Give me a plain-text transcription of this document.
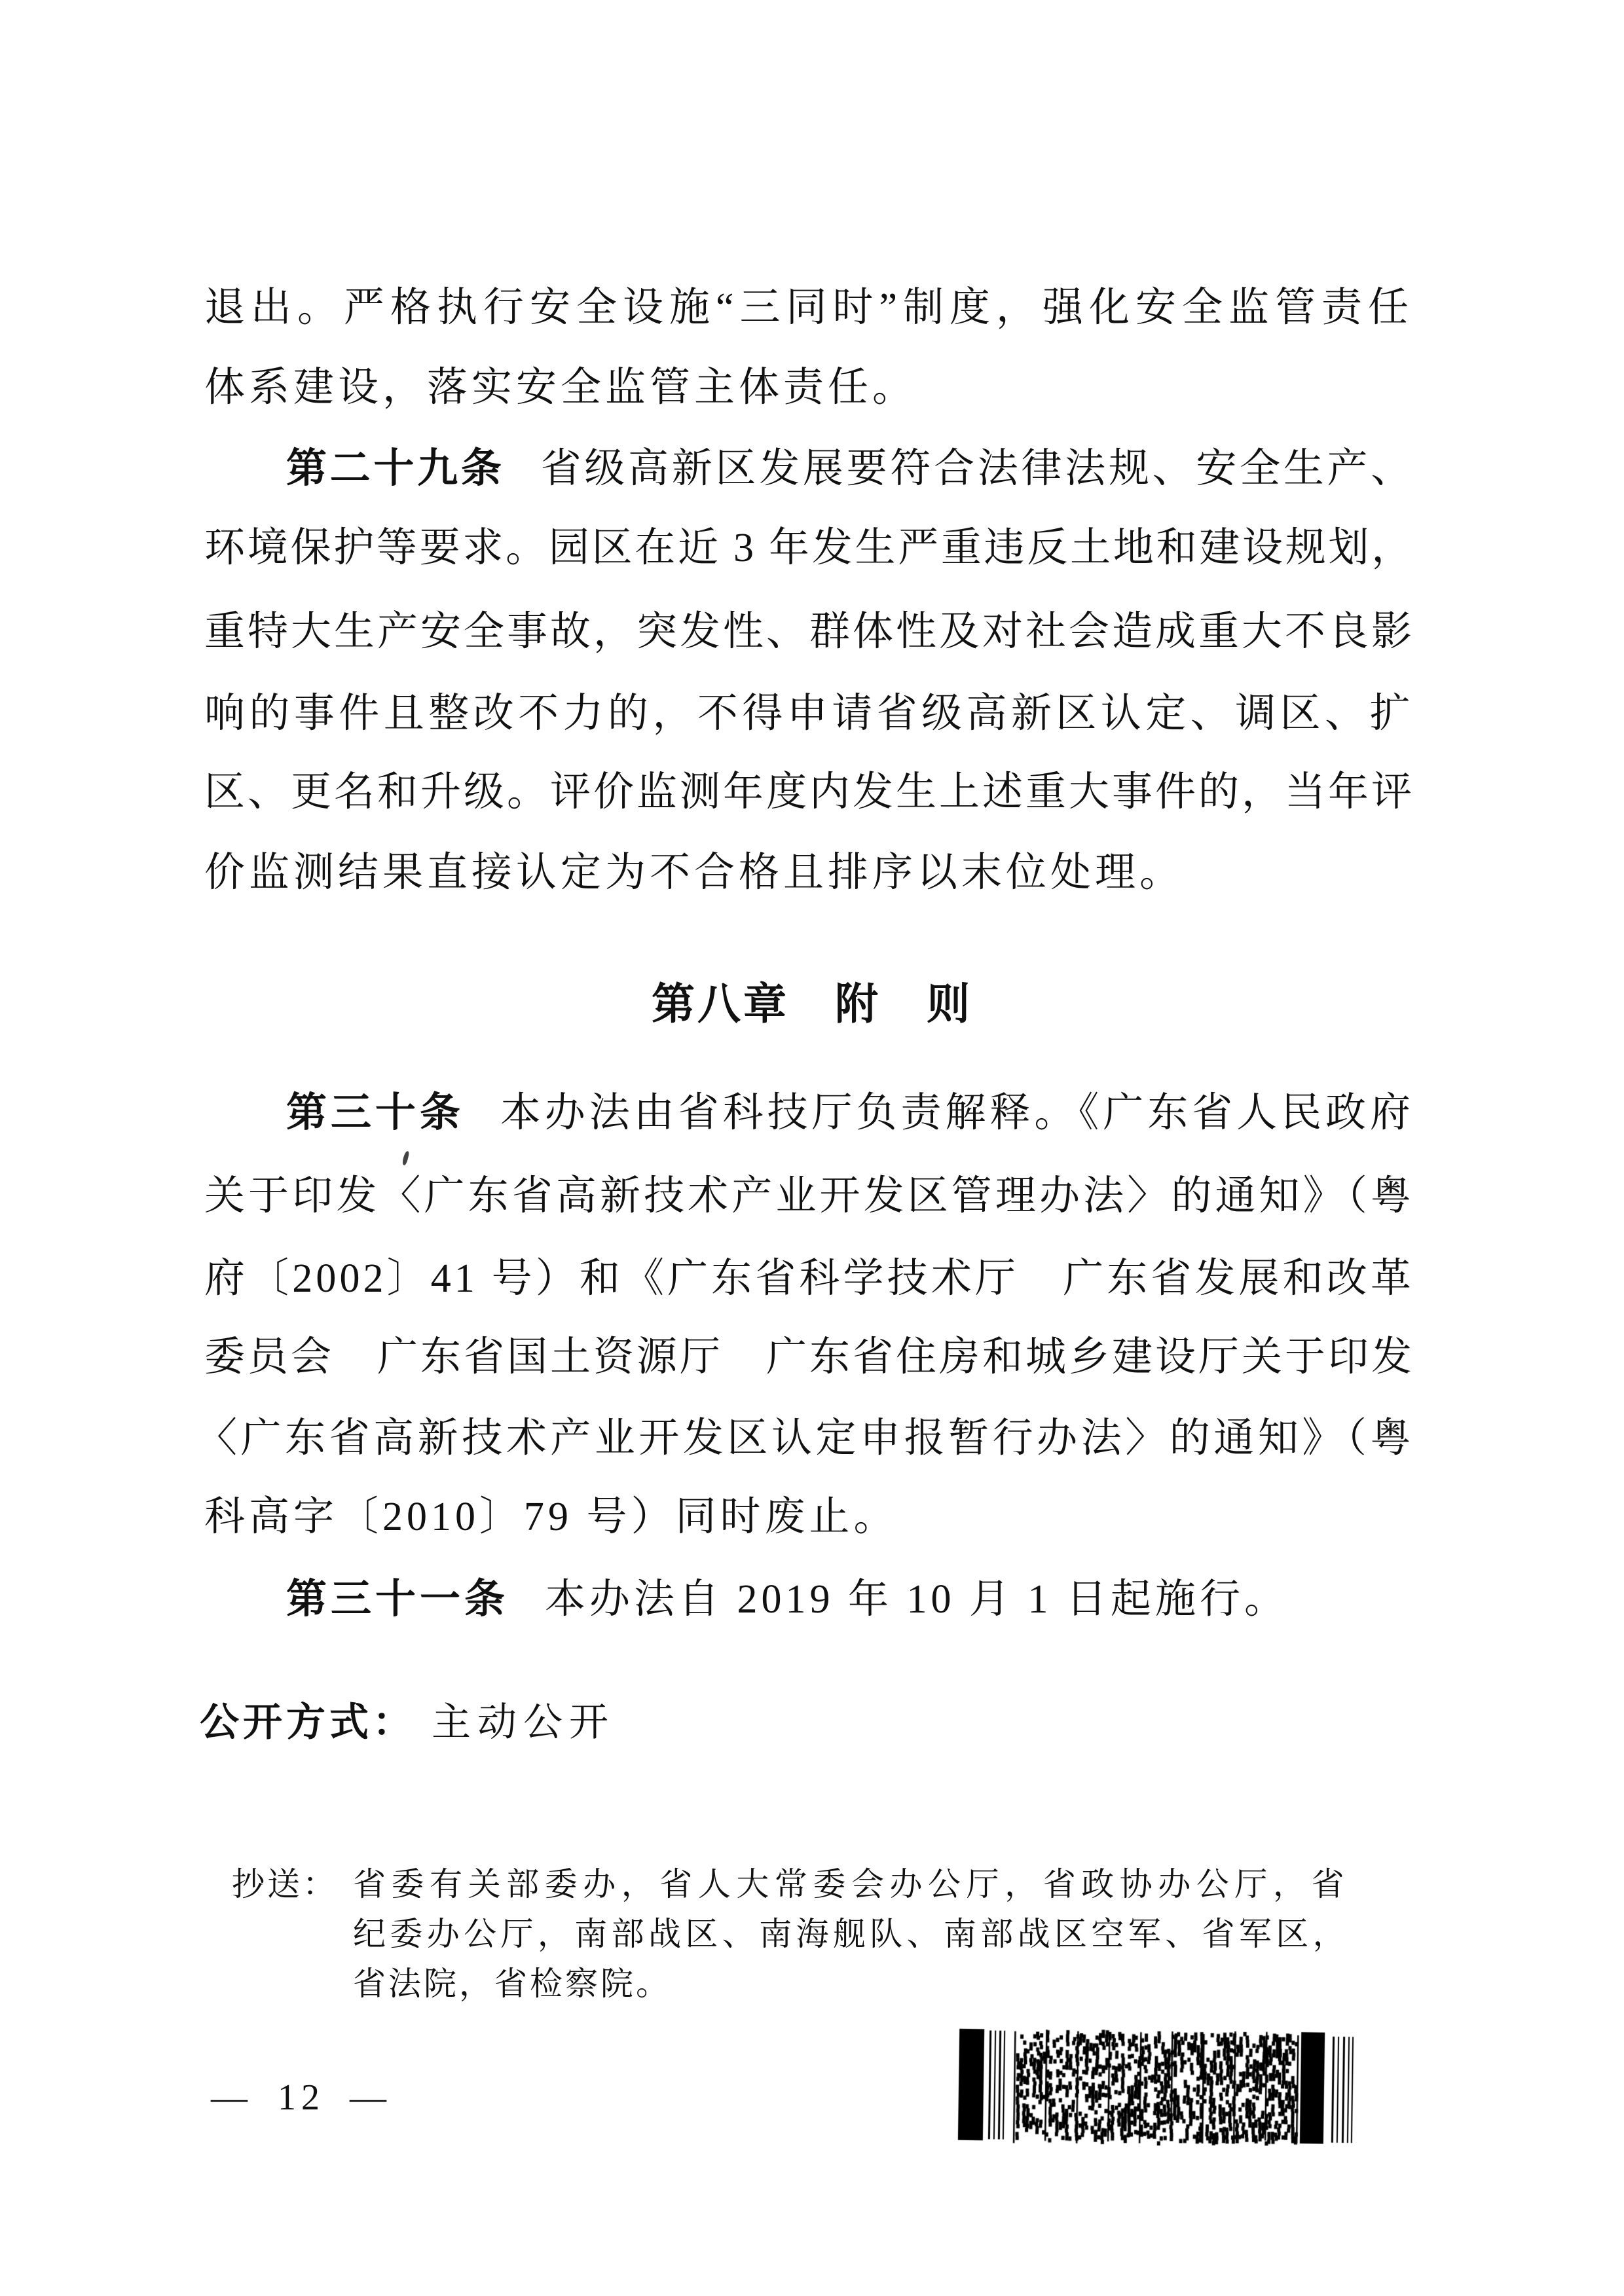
退出。严格执行安全设施“三同时”制度，强化安全监管责任
体系建设，落实安全监管主体责任。
第二十九条 省级高新区发展要符合法律法规、安全生产、
环境保护等要求。园区在近 3 年发生严重违反土地和建设规划，
重特大生产安全事故，突发性、群体性及对社会造成重大不良影
响的事件且整改不力的，不得申请省级高新区认定、调区、扩
区、更名和升级。评价监测年度内发生上述重大事件的，当年评
价监测结果直接认定为不合格且排序以末位处理。
第八章　附　则
第三十条 本办法由省科技厅负责解释。《广东省人民政府
关于印发〈广东省高新技术产业开发区管理办法〉的通知》（粤
府〔2002〕41 号）和《广东省科学技术厅　广东省发展和改革
委员会　广东省国土资源厅　广东省住房和城乡建设厅关于印发
〈广东省高新技术产业开发区认定申报暂行办法〉的通知》（粤
科高字〔2010〕79 号）同时废止。
第三十一条 本办法自 2019 年 10 月 1 日起施行。
公开方式： 主动公开
抄送： 省委有关部委办，省人大常委会办公厅，省政协办公厅，省
纪委办公厅，南部战区、南海舰队、南部战区空军、省军区，
省法院，省检察院。
— 12 —
